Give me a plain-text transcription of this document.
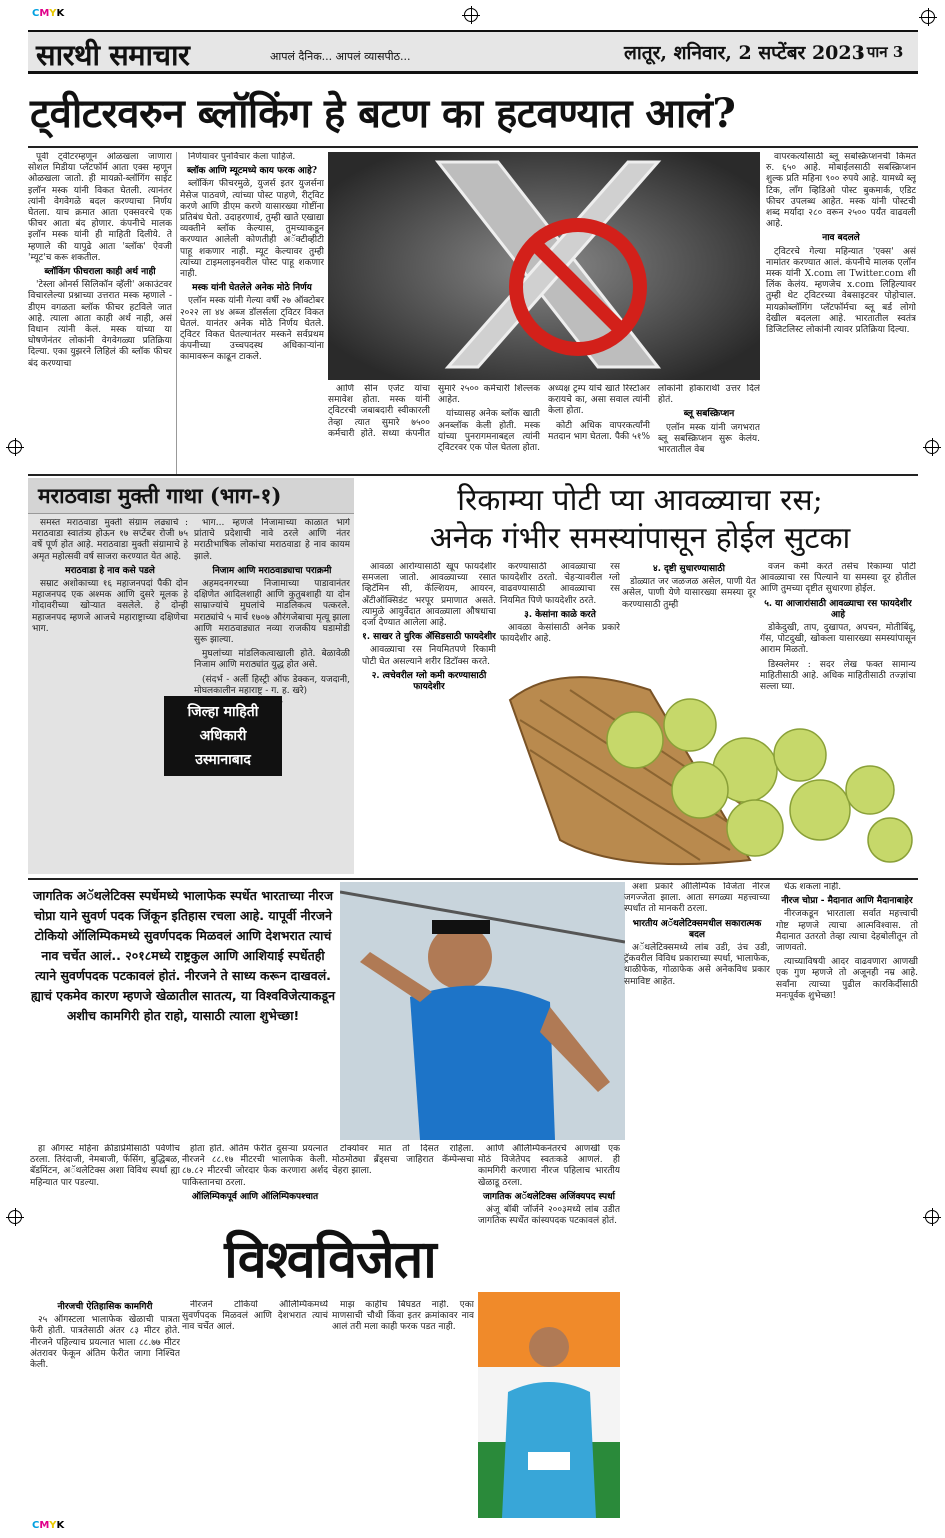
CMYK
सारथी समाचार	आपलं दैनिक... आपलं व्यासपीठ...	लातूर, शनिवार, 2 सप्टेंबर 2023
। पान 3
ट्वीटरवरुन ब्लॉकिंग हे बटण का हटवण्यात आलं?

पूर्वी ट्वीटरम्हणून ओळखला जाणारा सोशल मिडीया प्लॅटफॉर्म आता एक्स म्हणून ओळखला जातो. ही मायक्रो-ब्लॉगिंग साईट इलॉन मस्क यांनी विकत घेतली. त्यानंतर त्यांनी वेगवेगळे बदल करण्याचा निर्णय घेतला. याच क्रमात आता एक्सवरचे एक फीचर आता बंद होणार. कंपनीचे मालक इलॉन मस्क यांनी ही माहिती दिलीये. ते म्हणाले की यापुढे आता 'ब्लॉक' ऐवजी 'म्यूट'च करू शकतील.

ब्लॉकिंग फीचराला काही अर्थ नाही

'टेस्ला ओनर्स सिलिकॉन व्हॅली' अकाउंटवर विचारलेल्या प्रश्नाच्या उत्तरात मस्क म्हणाले - डीएम वगळता ब्लॉक फीचर हटविले जात आहे. त्याला आता काही अर्थ नाही, असं विधान त्यांनी केलं. मस्क यांच्या या घोषणेनंतर लोकांनी वेगवेगळ्या प्रतिक्रिया दिल्या. एका युझरने लिहिलं की ब्लॉक फीचर बंद करण्याचा

निर्णयावर पुनर्विचार केला पाहिजे.

ब्लॉक आणि म्यूटमध्ये काय फरक आहे?

ब्लॉकिंग फीचरमुळे, युजर्स इतर युजर्सना मेसेज पाठवणे, त्यांच्या पोस्ट पाहणे, रीट्विट करणे आणि डीएम करणे यासारख्या गोष्टींना प्रतिबंध घेतो. उदाहरणार्थ, तुम्ही खाते एखाद्या व्यक्तीने ब्लॉक केल्यास, तुमच्याकडून करण्यात आलेली कोणतीही अॅक्टीव्हीटी पाहू शकणार नाही. म्यूट केल्यावर तुम्ही त्यांच्या टाइमलाइनवरील पोस्ट पाहू शकणार नाही.

मस्क यांनी घेतलेले अनेक मोठे निर्णय

एलॉन मस्क यांनी गेल्या वर्षी २७ ऑक्टोबर २०२२ ला ४४ अब्ज डॉलर्सला ट्विटर विकत घेतलं. यानंतर अनेक मोठे निर्णय घेतले. ट्विटर विकत घेतल्यानंतर मस्कने सर्वप्रथम कंपनीच्या उच्चपदस्थ अधिकाऱ्यांना कामावरून काढून टाकले.

आणि सीन एजेट यांचा समावेश होता. मस्क यांनी ट्विटरची जबाबदारी स्वीकारली तेव्हा त्यात सुमारे ७५०० कर्मचारी होते. सध्या कंपनीत सुमारे २५०० कर्मचारी शिल्लक आहेत.

यांच्यासह अनेक ब्लॉक खाती अनब्लॉक केली होती. मस्क यांच्या पुनरागमनाबद्दल त्यांनी ट्विटरवर एक पोल घेतला होता. अध्यक्ष ट्रम्प यांचे खाते रिस्टोअर करायचे का, असा सवाल त्यांनी केला होता.

कोटी अधिक वापरकर्त्यांनी मतदान भाग घेतला. पैकी ५१% लोकांनी होकारार्थी उत्तर दिलं होतं.

ब्लू सबस्क्रिप्शन

एलॉन मस्क यांनी जगभरात ब्लू सबस्क्रिप्शन सुरू केलंय. भारतातील वेब

वापरकर्त्यांसाठी ब्लू सबस्क्रिप्शनची किंमत रु. ६५० आहे. मोबाईलसाठी सबस्क्रिप्शन शुल्क प्रति महिना ९०० रुपये आहे. यामध्ये ब्लू टिक, लॉंग व्हिडिओ पोस्ट बुकमार्क, एडिट फीचर उपलब्ध आहेत. मस्क यांनी पोस्टची शब्द मर्यादा २८० वरून २५०० पर्यंत वाढवली आहे.

नाव बदलले

ट्विटरचे गेल्या महिन्यात 'एक्स' असं नामांतर करण्यात आलं. कंपनीचे मालक एलॉन मस्क यांनी X.com ला Twitter.com शी लिंक केलंय. म्हणजेच x.com लिहिल्यावर तुम्ही थेट ट्विटरच्या वेबसाइटवर पोहोचाल. मायक्रोब्लॉगिंग प्लॅटफॉर्मचा ब्लू बर्ड लोगो देखील बदलला आहे. भारतातील स्वतंत्र डिजिटलिस्ट लोकांनी त्यावर प्रतिक्रिया दिल्या.

मराठवाडा मुक्ती गाथा (भाग-१)

समस्त मराठवाडा मुक्ती संग्राम लढ्याचे : मराठवाडा स्वातंत्र्य होऊन १७ सप्टेंबर रोजी ७५ वर्षे पूर्ण होत आहे. मराठवाडा मुक्ती संग्रामाचे हे अमृत महोत्सवी वर्ष साजरा करण्यात येत आहे.

मराठवाडा हे नाव कसे पडले

सम्राट अशोकाच्या १६ महाजनपदां पैकी दोन महाजनपद एक अश्मक आणि दुसरे मूलक हे गोदावरीच्या खोऱ्यात वसलेले. हे दोन्ही महाजनपद म्हणजे आजचे महाराष्ट्राच्या दक्षिणेचा भाग.

भाग... म्हणजे निजामाच्या काळात भागे प्रांताचे प्रदेशाची नावे ठरले आणि नंतर मराठीभाषिक लोकांचा मराठवाडा हे नाव कायम झाले.

निजाम आणि मराठवाड्याचा पराक्रमी

अहमदनगरच्या निजामाच्या पाडावानंतर दक्षिणेत आदिलशाही आणि कुतुबशाही या दोन साम्राज्यांचे मुघलांचे माडलिकत्व पत्करले. मराठ्यांचे ५ मार्च १७०७ औरंगजेबाचा मृत्यू झाला आणि मराठवाड्यात नव्या राजकीय घडामोडी सुरू झाल्या.

मुघलांच्या मांडलिकत्वाखाली होते. बेळावेळी निजाम आणि मराठ्यांत युद्ध होत असे.

(संदर्भ - अर्ली हिस्ट्री ऑफ डेक्कन, यजदानी, मोघलकालीन महाराष्ट्र - ग. ह. खरे)

जिल्हा माहिती
अधिकारी
उस्मानाबाद
रिकाम्या पोटी प्या आवळ्याचा रस;
अनेक गंभीर समस्यांपासून होईल सुटका

आवळा आरोग्यासाठी खूप फायदेशीर समजला जातो. आवळ्याच्या रसात व्हिटॅमिन सी, कॅल्शियम, आयरन, अँटीऑक्सिडंट भरपूर प्रमाणात असते. त्यामुळे आयुर्वेदात आवळ्याला औषधाचा दर्जा देण्यात आलेला आहे.

१. साखर ते युरिक ॲसिडसाठी फायदेशीर

आवळ्याचा रस नियमितपणे रिकामी पोटी घेत असल्याने शरीर डिटॉक्स करते.

२. त्वचेवरील ग्लो कमी करण्यासाठी फायदेशीर

करण्यासाठी आवळ्याचा रस फायदेशीर ठरतो. चेहऱ्यावरील ग्लो वाढवण्यासाठी आवळ्याचा रस नियमित पिणे फायदेशीर ठरते.

३. केसांना काळे करते

आवळा केसांसाठी अनेक प्रकारे फायदेशीर आहे.

४. दृष्टी सुधारण्यासाठी

डोळ्यात जर जळजळ असेल, पाणी येत असेल, पाणी येणे यासारख्या समस्या दूर करण्यासाठी तुम्ही

वजन कमी करते तसेच रिकाम्या पोटी आवळ्याचा रस पिल्याने या समस्या दूर होतील आणि तुमच्या दृष्टीत सुधारणा होईल.

५. या आजारांसाठी आवळ्याचा रस फायदेशीर आहे

डोकेदुखी, ताप, दुखापत, अपचन, मोतीबिंदू, गॅस, पोटदुखी, खोकला यासारख्या समस्यांपासून आराम मिळतो.

डिस्क्लेमर : सदर लेख फक्त सामान्य माहितीसाठी आहे. अधिक माहितीसाठी तज्ज्ञांचा सल्ला घ्या.

जागतिक अॅथलेटिक्स स्पर्धेमध्ये भालाफेक स्पर्धेत भारताच्या नीरज चोप्रा याने सुवर्ण पदक जिंकून इतिहास रचला आहे. यापूर्वी नीरजने टोकियो ऑलिम्पिकमध्ये सुवर्णपदक मिळवलं आणि देशभरात त्याचं नाव चर्चेत आलं.. २०१८मध्ये राष्ट्रकुल आणि आशियाई स्पर्धेतही त्याने सुवर्णपदक पटकावलं होतं. नीरजने ते साध्य करून दाखवलं. ह्याचं एकमेव कारण म्हणजे खेळातील सातत्य, या विश्वविजेत्याकडून अशीच कामगिरी होत राहो, यासाठी त्याला शुभेच्छा!

हा ऑगस्ट महिना क्रीडाप्रेमींसाठी पर्वणीच ठरला. तिरंदाजी, नेमबाजी, फेंसिंग, बुद्धिबळ, बॅडमिंटन, अॅथलेटिक्स अशा विविध स्पर्धा ह्या महिन्यात पार पडल्या.

विश्वविजेता
नीरजची ऐतिहासिक कामगिरी

२५ ऑगस्टला भालाफेक खेळाची पात्रता फेरी होती. पात्रतेसाठी अंतर ८३ मीटर होते. नीरजने पहिल्याच प्रयत्नात भाला ८८.७७ मीटर अंतरावर फेकून अंतिम फेरीत जागा निश्चित केली.

होता होते. अंतिम फेरीत दुसऱ्या प्रयत्नात नीरजने ८८.१७ मीटरची भालाफेक केली. ८७.८२ मीटरची जोरदार फेक करणारा अर्शद पाकिस्तानचा ठरला.

ऑलिम्पिकपूर्व आणि ऑलिम्पिकपश्चात

नीरजने टोकियो ऑलिम्पिकमध्ये सुवर्णपदक मिळवलं आणि देशभरात त्याचं नाव चर्चेत आलं.

टोक्योवर मात तो दिसत राहिला. मोठमोठ्या ब्रँड्सचा जाहिरात कॅम्पेन्सचा चेहरा झाला.

माझ काहीच बिघडत नाही. एका माणसाची चौथी किंवा इतर क्रमांकावर नाव आलं तरी मला काही फरक पडत नाही.

आणि ऑलिम्पिकनंतरचे आणखी एक मोठं विजेतेपद स्वतःकडे आणलं. ही कामगिरी करणारा नीरज पहिलाच भारतीय खेळाडू ठरला.

जागतिक अॅथलेटिक्स अजिंक्यपद स्पर्धा

अंजू बॉबी जॉर्जने २००३मध्ये लांब उडीत जागतिक स्पर्धेत कांस्यपदक पटकावलं होतं.

अशा प्रकारे ऑलिम्पिक विजेता नीरज जगज्जेता झाला. आता सगळ्या महत्त्वाच्या स्पर्धांत तो मानकरी ठरला.

भारतीय अॅथलेटिक्समधील सकारात्मक बदल

अॅथलेटिक्समध्ये लांब उडी, उंच उडी, ट्रॅकवरील विविध प्रकाराच्या स्पर्धा, भालाफेक, थाळीफेक, गोळाफेक असे अनेकविध प्रकार समाविष्ट आहेत.

धेऊ शकला नाही.

नीरज चोप्रा - मैदानात आणि मैदानाबाहेर

नीरजकडून भारताला सर्वात महत्त्वाची गोष्ट म्हणजे त्याचा आत्मविश्वास. तो मैदानात उतरतो तेव्हा त्याचा देहबोलीतून तो जाणवतो.

त्याच्याविषयी आदर वाढवणारा आणखी एक गुण म्हणजे तो अजूनही नम्र आहे. सर्वांना त्याच्या पुढील कारकिर्दीसाठी मनःपूर्वक शुभेच्छा!

CMYK
